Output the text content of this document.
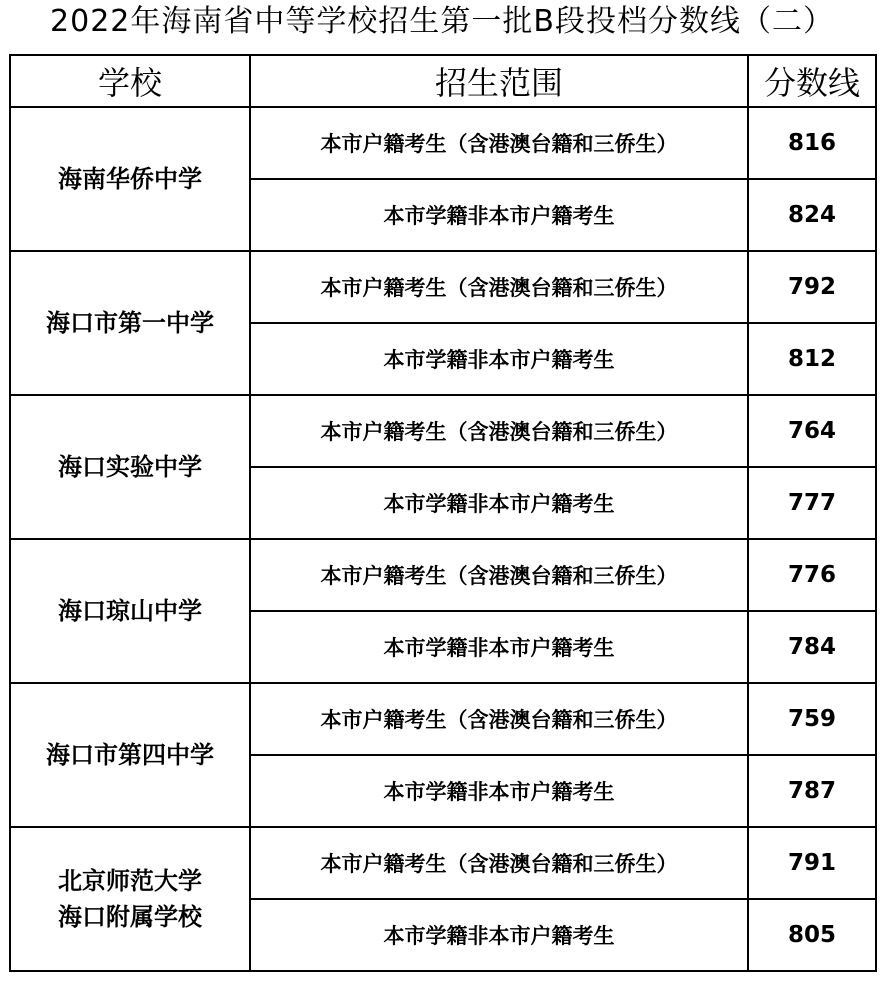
2022年海南省中等学校招生第一批B段投档分数线（二）
学校	招生范围	分数线

海南华侨中学	本市户籍考生（含港澳台籍和三侨生）	816
	本市学籍非本市户籍考生	824

海口市第一中学	本市户籍考生（含港澳台籍和三侨生）	792
	本市学籍非本市户籍考生	812

海口实验中学	本市户籍考生（含港澳台籍和三侨生）	764
	本市学籍非本市户籍考生	777

海口琼山中学	本市户籍考生（含港澳台籍和三侨生）	776
	本市学籍非本市户籍考生	784

海口市第四中学	本市户籍考生（含港澳台籍和三侨生）	759
	本市学籍非本市户籍考生	787

北京师范大学
海口附属学校	本市户籍考生（含港澳台籍和三侨生）	791
	本市学籍非本市户籍考生	805
